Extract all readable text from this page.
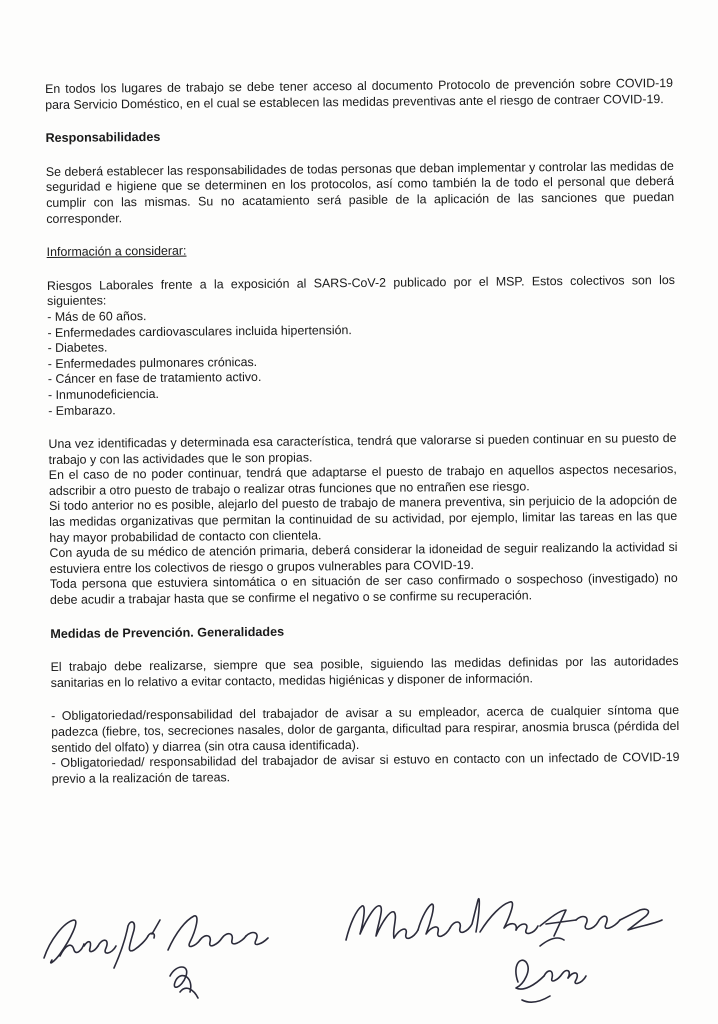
En todos los lugares de trabajo se debe tener acceso al documento Protocolo de prevención sobre COVID-19 para Servicio Doméstico, en el cual se establecen las medidas preventivas ante el riesgo de contraer COVID-19.

Responsabilidades

Se deberá establecer las responsabilidades de todas personas que deban implementar y controlar las medidas de seguridad e higiene que se determinen en los protocolos, así como también la de todo el personal que deberá cumplir con las mismas. Su no acatamiento será pasible de la aplicación de las sanciones que puedan corresponder.

Información a considerar:

Riesgos Laborales frente a la exposición al SARS-CoV-2 publicado por el MSP. Estos colectivos son los siguientes:

- Más de 60 años.
- Enfermedades cardiovasculares incluida hipertensión.
- Diabetes.
- Enfermedades pulmonares crónicas.
- Cáncer en fase de tratamiento activo.
- Inmunodeficiencia.
- Embarazo.

Una vez identificadas y determinada esa característica, tendrá que valorarse si pueden continuar en su puesto de trabajo y con las actividades que le son propias.

En el caso de no poder continuar, tendrá que adaptarse el puesto de trabajo en aquellos aspectos necesarios, adscribir a otro puesto de trabajo o realizar otras funciones que no entrañen ese riesgo.

Si todo anterior no es posible, alejarlo del puesto de trabajo de manera preventiva, sin perjuicio de la adopción de las medidas organizativas que permitan la continuidad de su actividad, por ejemplo, limitar las tareas en las que hay mayor probabilidad de contacto con clientela.

Con ayuda de su médico de atención primaria, deberá considerar la idoneidad de seguir realizando la actividad si estuviera entre los colectivos de riesgo o grupos vulnerables para COVID-19.

Toda persona que estuviera sintomática o en situación de ser caso confirmado o sospechoso (investigado) no debe acudir a trabajar hasta que se confirme el negativo o se confirme su recuperación.

Medidas de Prevención. Generalidades

El trabajo debe realizarse, siempre que sea posible, siguiendo las medidas definidas por las autoridades sanitarias en lo relativo a evitar contacto, medidas higiénicas y disponer de información.

- Obligatoriedad/responsabilidad del trabajador de avisar a su empleador, acerca de cualquier síntoma que padezca (fiebre, tos, secreciones nasales, dolor de garganta, dificultad para respirar, anosmia brusca (pérdida del sentido del olfato) y diarrea (sin otra causa identificada).

- Obligatoriedad/ responsabilidad del trabajador de avisar si estuvo en contacto con un infectado de COVID-19 previo a la realización de tareas.
